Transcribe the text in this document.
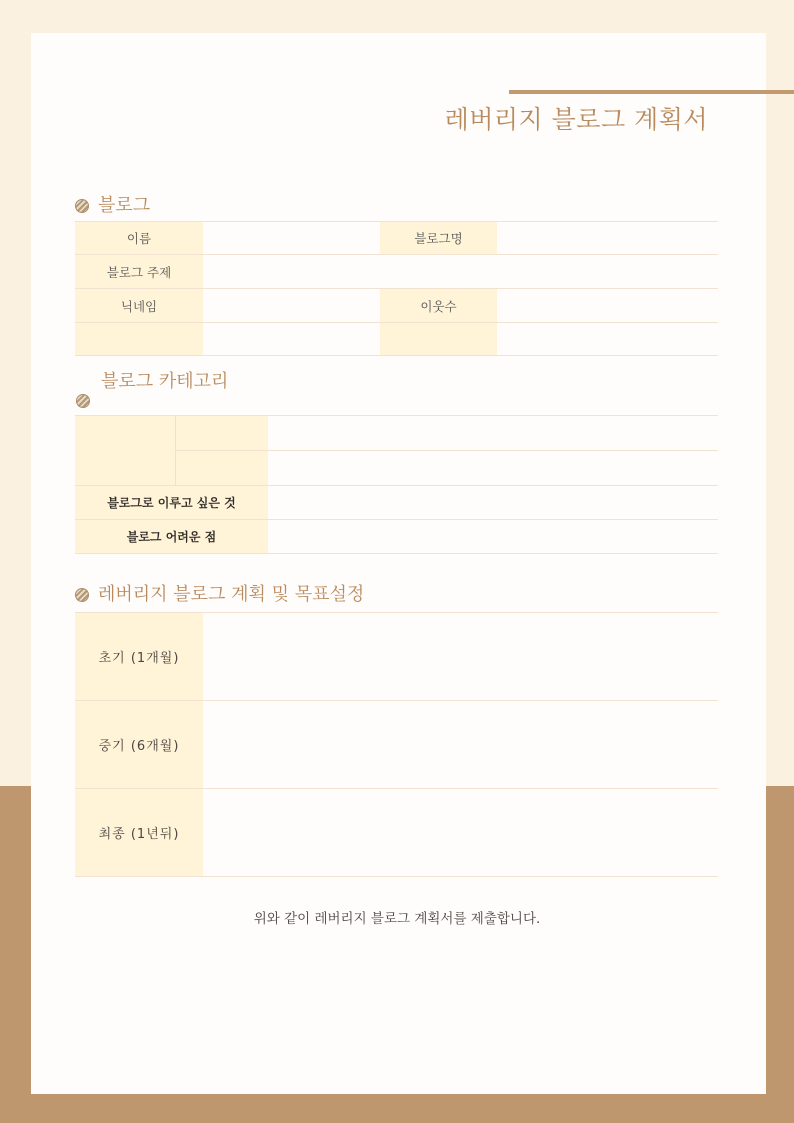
레버리지 블로그 계획서
블로그
이름		블로그명	
블로그 주제			
닉네임		이웃수	

블로그 카테고리

블로그로 이루고 싶은 것		
블로그 어려운 점		
레버리지 블로그 계획 및 목표설정
초기 (1개월)	
중기 (6개월)	
최종 (1년뒤)	
위와 같이 레버리지 블로그 계획서를 제출합니다.
